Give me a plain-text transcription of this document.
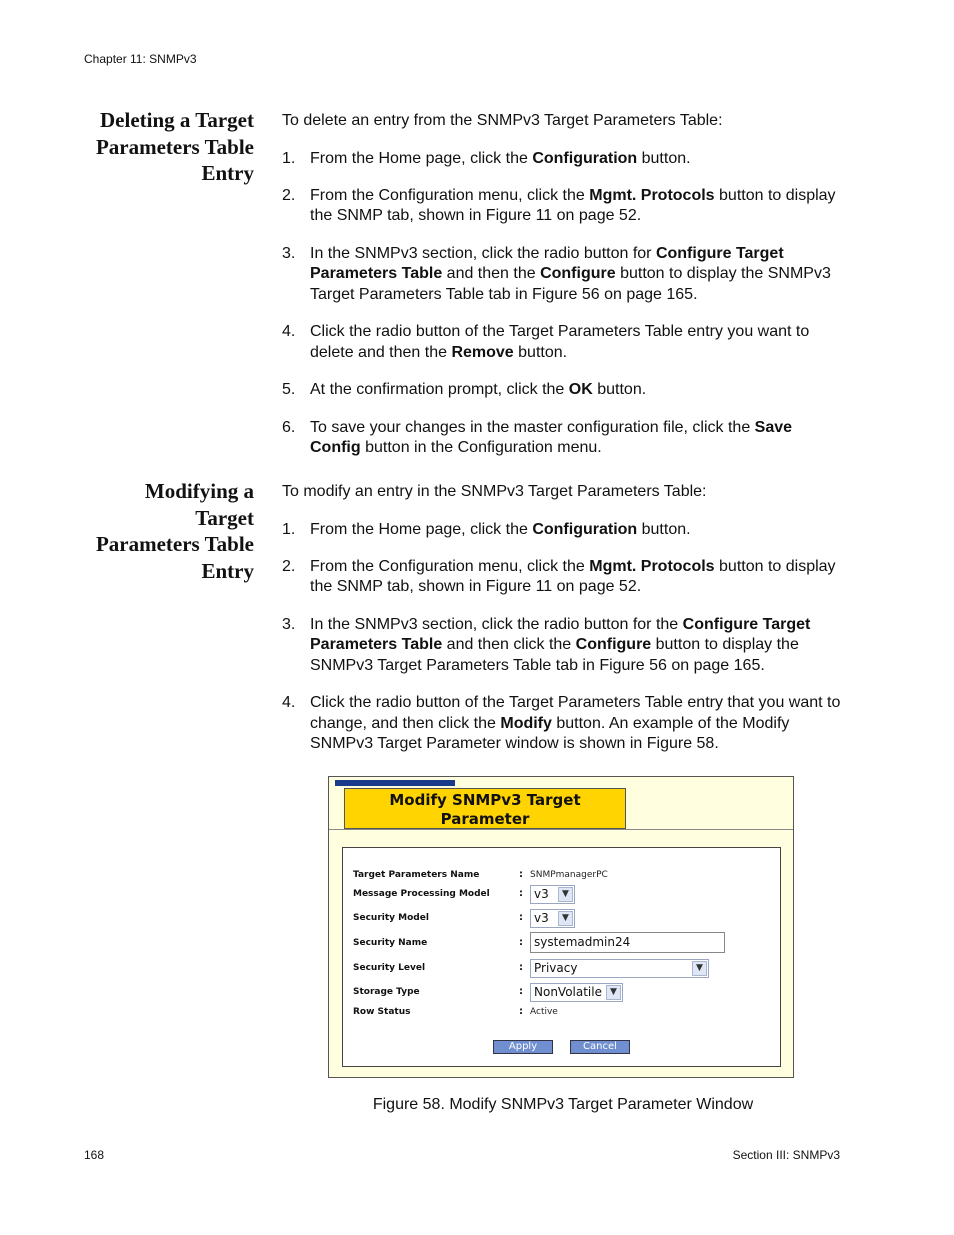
Chapter 11: SNMPv3
Deleting a Target
Parameters Table
Entry

To delete an entry from the SNMPv3 Target Parameters Table:

1. From the Home page, click the Configuration button.
2. From the Configuration menu, click the Mgmt. Protocols button to display the SNMP tab, shown in Figure 11 on page 52.
3. In the SNMPv3 section, click the radio button for Configure Target Parameters Table and then the Configure button to display the SNMPv3 Target Parameters Table tab in Figure 56 on page 165.
4. Click the radio button of the Target Parameters Table entry you want to delete and then the Remove button.
5. At the confirmation prompt, click the OK button.
6. To save your changes in the master configuration file, click the Save Config button in the Configuration menu.
Modifying a
Target
Parameters Table
Entry

To modify an entry in the SNMPv3 Target Parameters Table:

1. From the Home page, click the Configuration button.
2. From the Configuration menu, click the Mgmt. Protocols button to display the SNMP tab, shown in Figure 11 on page 52.
3. In the SNMPv3 section, click the radio button for the Configure Target Parameters Table and then click the Configure button to display the SNMPv3 Target Parameters Table tab in Figure 56 on page 165.
4. Click the radio button of the Target Parameters Table entry that you want to change, and then click the Modify button. An example of the Modify SNMPv3 Target Parameter window is shown in Figure 58.
Modify SNMPv3 Target
Parameter
Target Parameters Name	: SNMPmanagerPC
Message Processing Model	: v3	▼
Security Model	: v3	▼
Security Name	: systemadmin24
Security Level	: Privacy	▼
Storage Type	: NonVolatile ▼
Row Status	: Active
Apply	Cancel
Figure 58. Modify SNMPv3 Target Parameter Window
168	Section III: SNMPv3
